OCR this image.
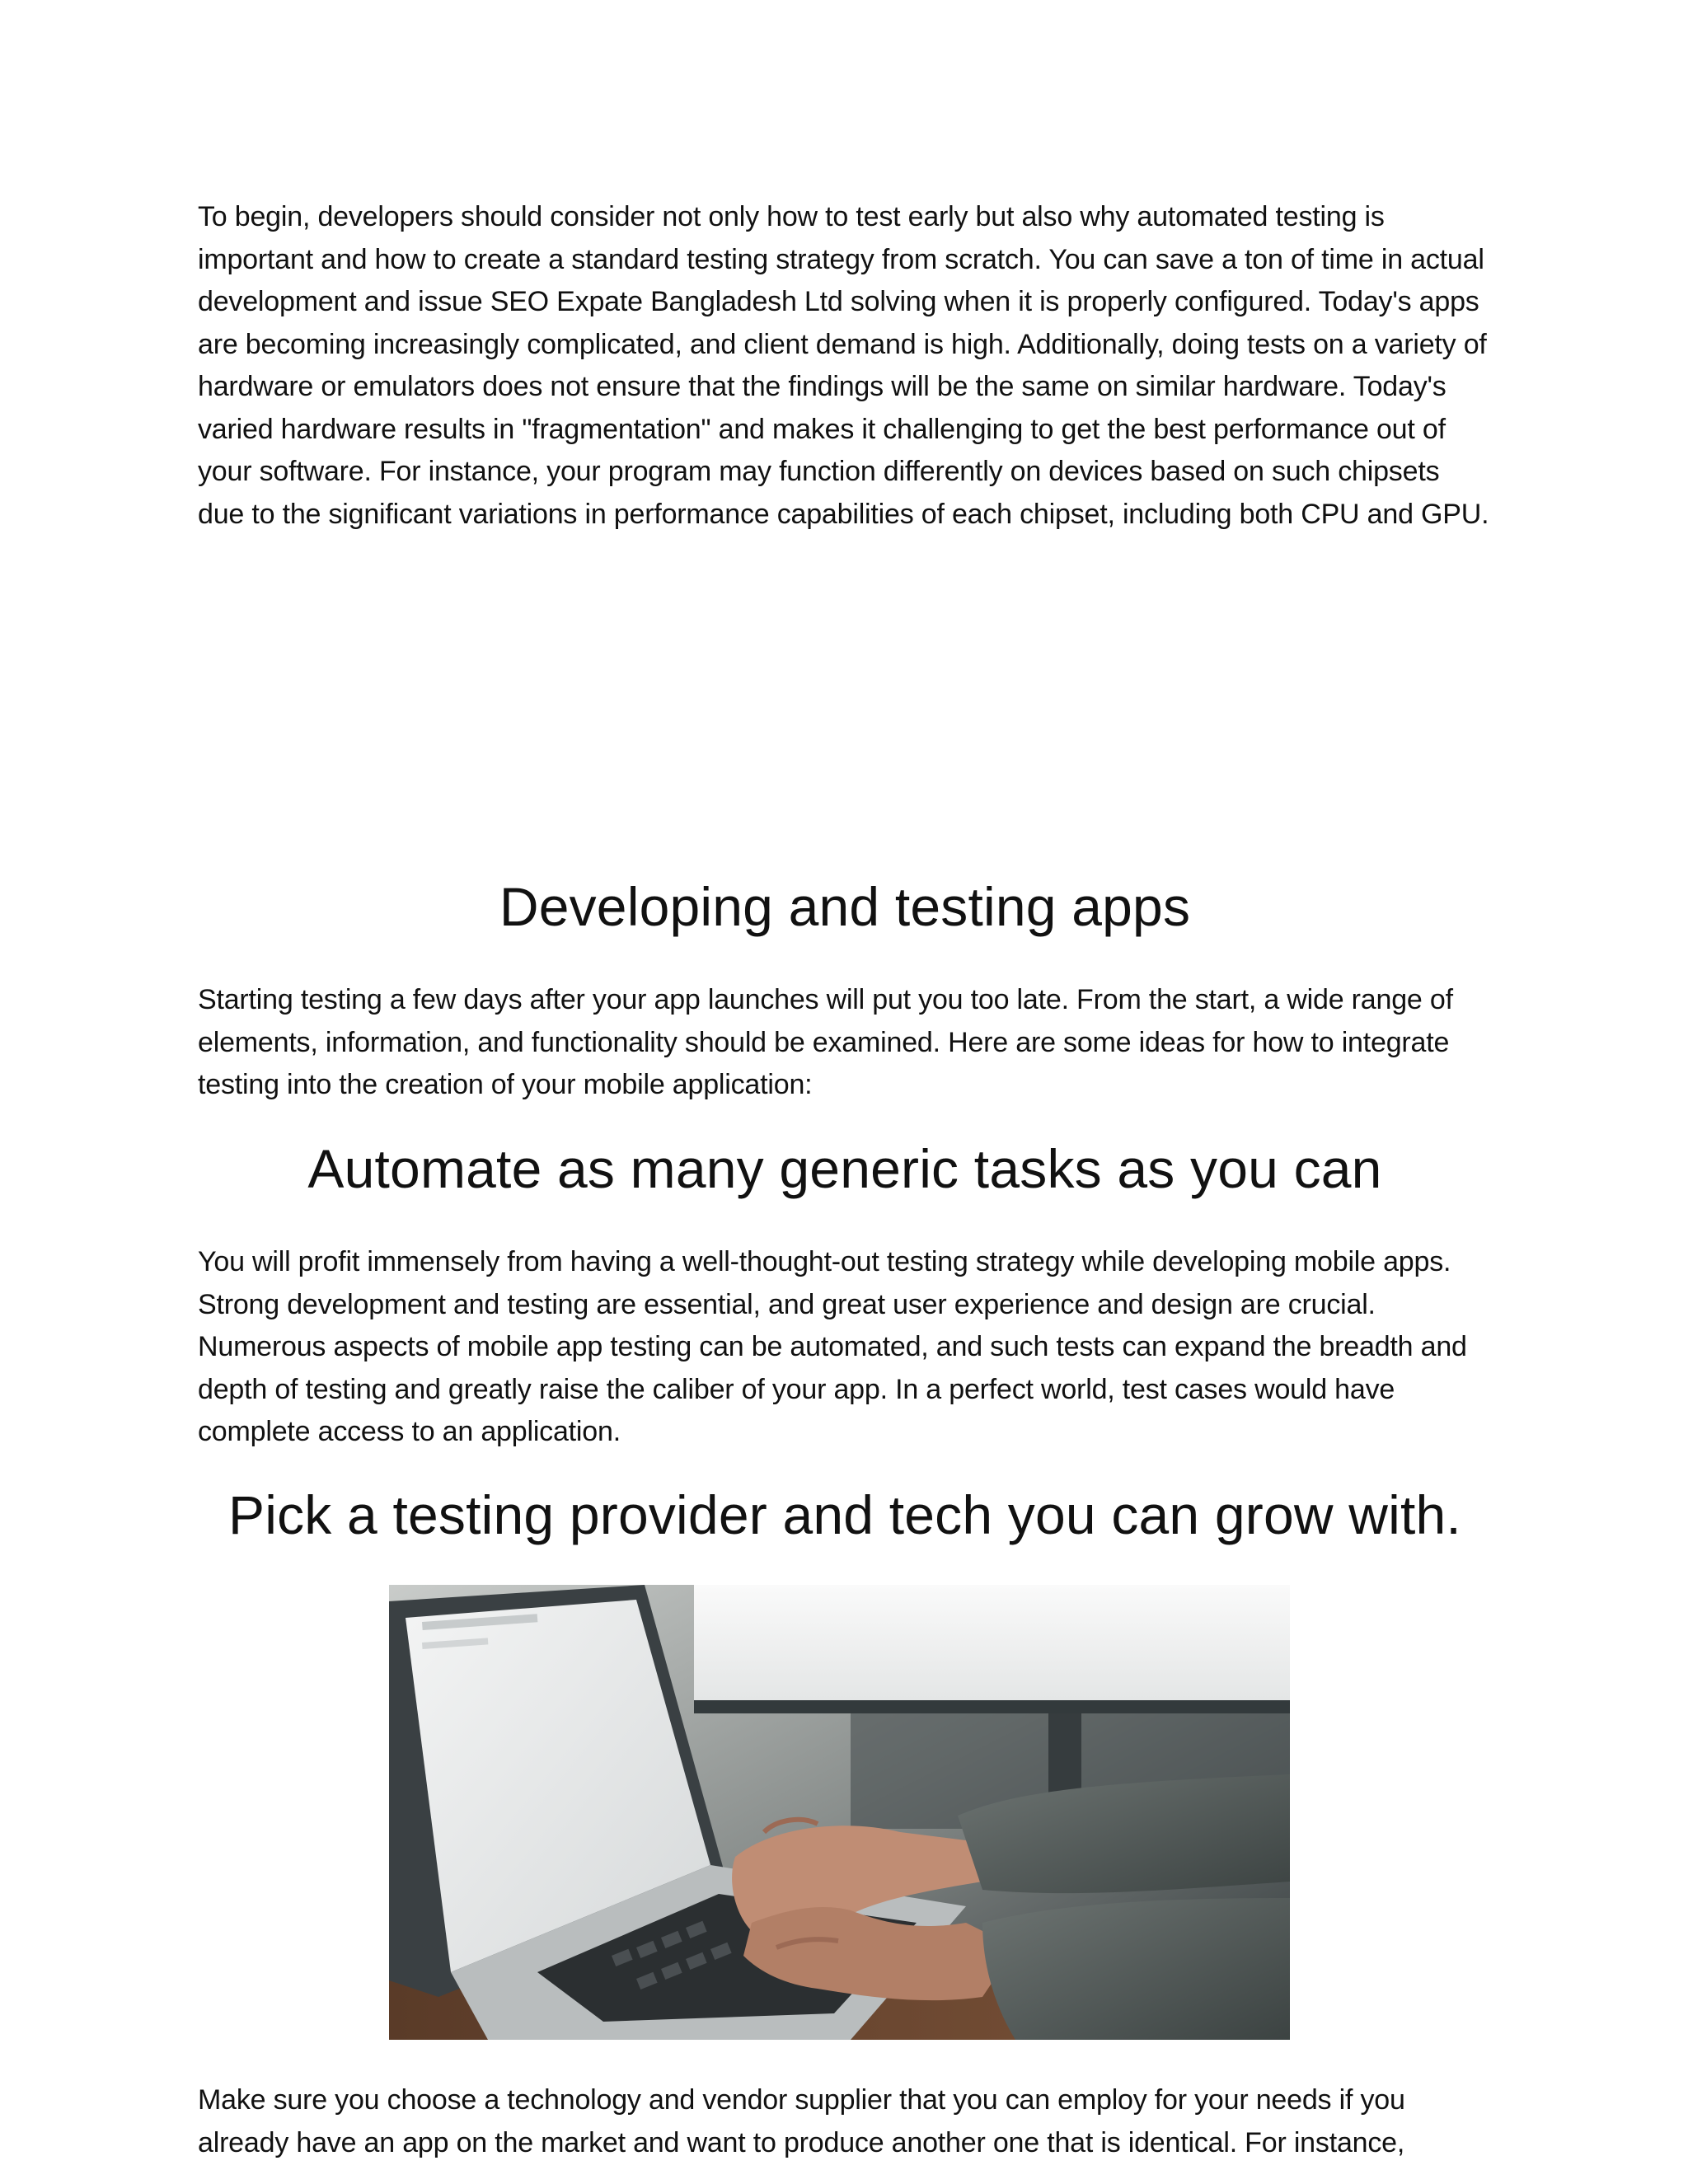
To begin, developers should consider not only how to test early but also why automated testing is important and how to create a standard testing strategy from scratch. You can save a ton of time in actual development and issue SEO Expate Bangladesh Ltd solving when it is properly configured. Today's apps are becoming increasingly complicated, and client demand is high. Additionally, doing tests on a variety of hardware or emulators does not ensure that the findings will be the same on similar hardware. Today's varied hardware results in "fragmentation" and makes it challenging to get the best performance out of your software. For instance, your program may function differently on devices based on such chipsets due to the significant variations in performance capabilities of each chipset, including both CPU and GPU.

Developing and testing apps

Starting testing a few days after your app launches will put you too late. From the start, a wide range of elements, information, and functionality should be examined. Here are some ideas for how to integrate testing into the creation of your mobile application:

Automate as many generic tasks as you can

You will profit immensely from having a well-thought-out testing strategy while developing mobile apps. Strong development and testing are essential, and great user experience and design are crucial. Numerous aspects of mobile app testing can be automated, and such tests can expand the breadth and depth of testing and greatly raise the caliber of your app. In a perfect world, test cases would have complete access to an application.

Pick a testing provider and tech you can grow with.

Make sure you choose a technology and vendor supplier that you can employ for your needs if you already have an app on the market and want to produce another one that is identical. For instance,
